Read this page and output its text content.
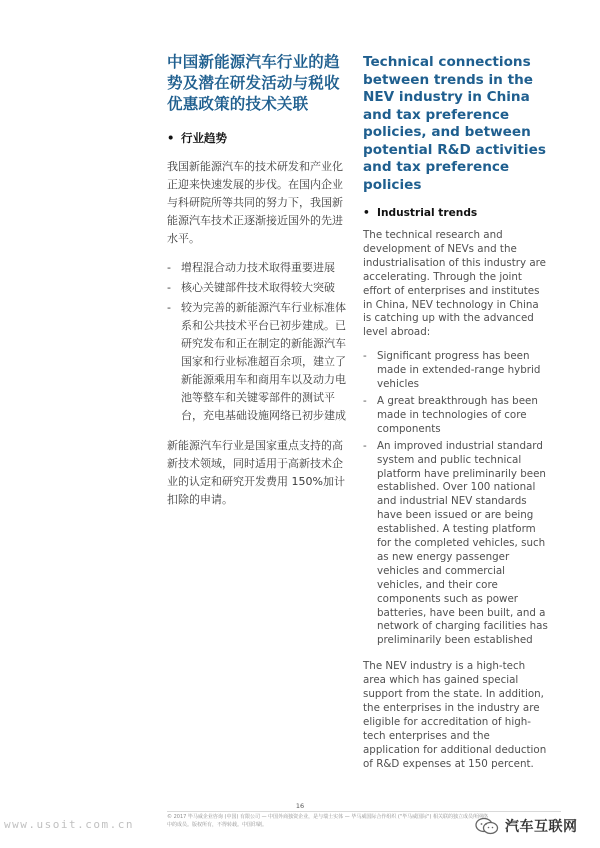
中国新能源汽车行业的趋势及潜在研发活动与税收优惠政策的技术关联
• 行业趋势

我国新能源汽车的技术研发和产业化正迎来快速发展的步伐。在国内企业与科研院所等共同的努力下，我国新能源汽车技术正逐渐接近国外的先进水平。

- 增程混合动力技术取得重要进展
- 核心关键部件技术取得较大突破
- 较为完善的新能源汽车行业标准体系和公共技术平台已初步建成。已研究发布和正在制定的新能源汽车国家和行业标准超百余项，建立了新能源乘用车和商用车以及动力电池等整车和关键零部件的测试平台，充电基础设施网络已初步建成

新能源汽车行业是国家重点支持的高新技术领域，同时适用于高新技术企业的认定和研究开发费用 150%加计扣除的申请。

Technical connections between trends in the NEV industry in China and tax preference policies, and between potential R&D activities and tax preference policies
• Industrial trends

The technical research and development of NEVs and the industrialisation of this industry are accelerating. Through the joint effort of enterprises and institutes in China, NEV technology in China is catching up with the advanced level abroad:

- Significant progress has been made in extended-range hybrid vehicles
- A great breakthrough has been made in technologies of core components
- An improved industrial standard system and public technical platform have preliminarily been established. Over 100 national and industrial NEV standards have been issued or are being established. A testing platform for the completed vehicles, such as new energy passenger vehicles and commercial vehicles, and their core components such as power batteries, have been built, and a network of charging facilities has preliminarily been established

The NEV industry is a high-tech area which has gained special support from the state. In addition, the enterprises in the industry are eligible for accreditation of high-tech enterprises and the application for additional deduction of R&D expenses at 150 percent.

16
© 2017 毕马威企业咨询 (中国) 有限公司 — 中国外商独资企业，是与瑞士实体 — 毕马威国际合作组织 ("毕马威国际") 相关联的独立成员所网络中的成员。版权所有，不得转载。中国印刷。
www.usoit.com.cn	汽车互联网
